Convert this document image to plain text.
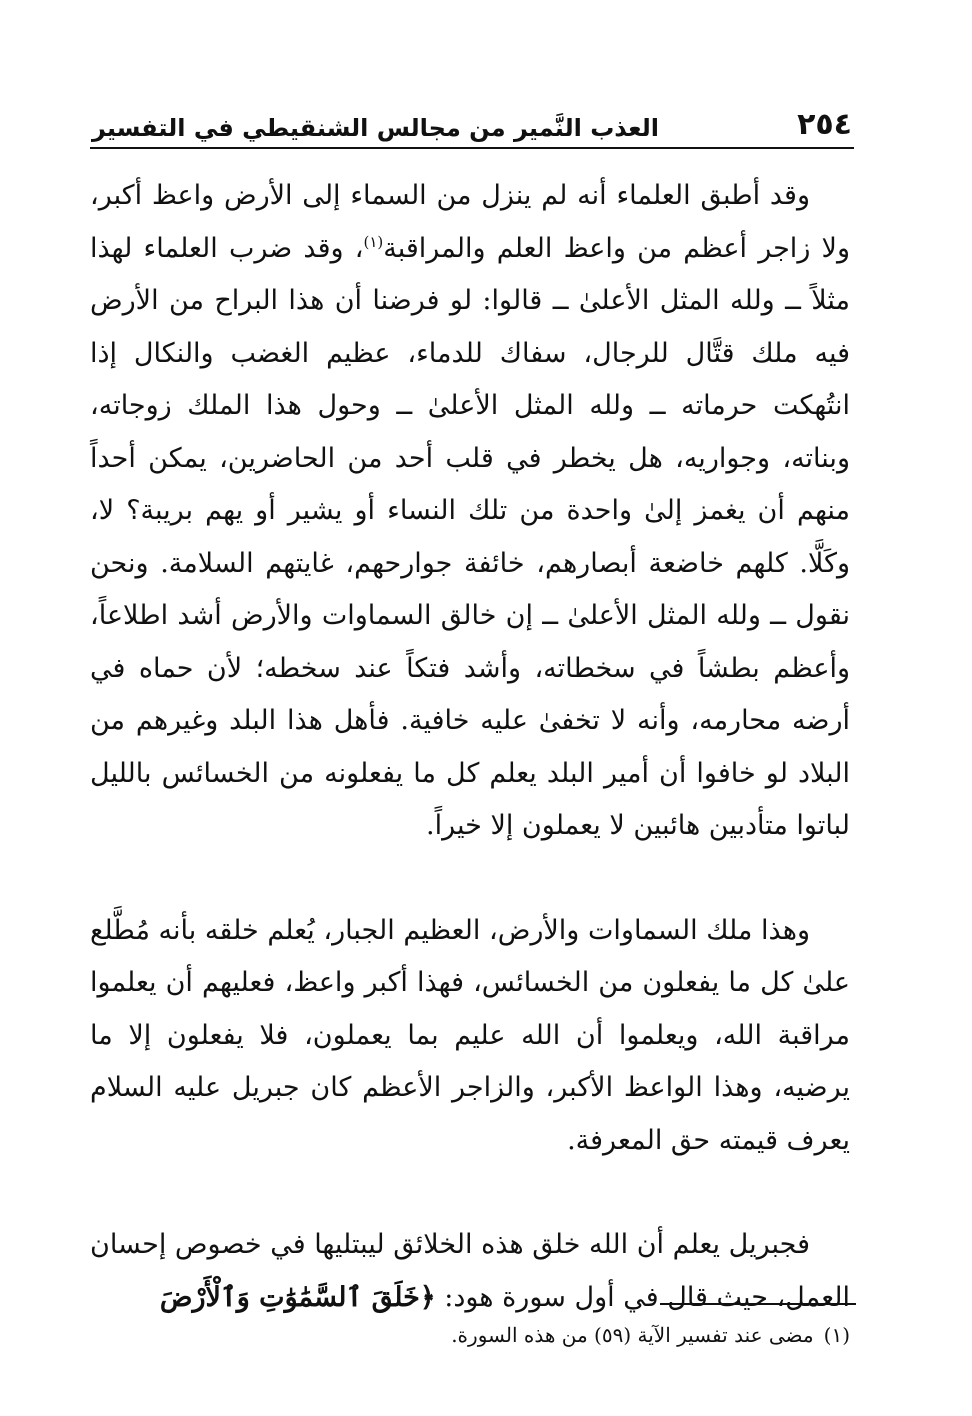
٢٥٤
العذب النَّمير من مجالس الشنقيطي في التفسير

وقد أطبق العلماء أنه لم ينزل من السماء إلى الأرض واعظ أكبر، ولا زاجر أعظم من واعظ العلم والمراقبة$^{(١)}$، وقد ضرب العلماء لهذا مثلاً ــ ولله المثل الأعلىٰ ــ قالوا: لو فرضنا أن هذا البراح من الأرض فيه ملك قتَّال للرجال، سفاك للدماء، عظيم الغضب والنكال إذا انتُهكت حرماته ــ ولله المثل الأعلىٰ ــ وحول هذا الملك زوجاته، وبناته، وجواريه، هل يخطر في قلب أحد من الحاضرين، يمكن أحداً منهم أن يغمز إلىٰ واحدة من تلك النساء أو يشير أو يهم بريبة؟ لا، وكَلَّا. كلهم خاضعة أبصارهم، خائفة جوارحهم، غايتهم السلامة. ونحن نقول ــ ولله المثل الأعلىٰ ــ إن خالق السماوات والأرض أشد اطلاعاً، وأعظم بطشاً في سخطاته، وأشد فتكاً عند سخطه؛ لأن حماه في أرضه محارمه، وأنه لا تخفىٰ عليه خافية. فأهل هذا البلد وغيرهم من البلاد لو خافوا أن أمير البلد يعلم كل ما يفعلونه من الخسائس بالليل لباتوا متأدبين هائبين لا يعملون إلا خيراً.

وهذا ملك السماوات والأرض، العظيم الجبار، يُعلم خلقه بأنه مُطَّلع علىٰ كل ما يفعلون من الخسائس، فهذا أكبر واعظ، فعليهم أن يعلموا مراقبة الله، ويعلموا أن الله عليم بما يعملون، فلا يفعلون إلا ما يرضيه، وهذا الواعظ الأكبر، والزاجر الأعظم كان جبريل عليه السلام يعرف قيمته حق المعرفة.

فجبريل يعلم أن الله خلق هذه الخلائق ليبتليها في خصوص إحسان العمل، حيث قال في أول سورة هود: ﴿خَلَقَ ٱلسَّمَٰوَٰتِ وَٱلْأَرْضَ

(١)مضى عند تفسير الآية (٥٩) من هذه السورة.
